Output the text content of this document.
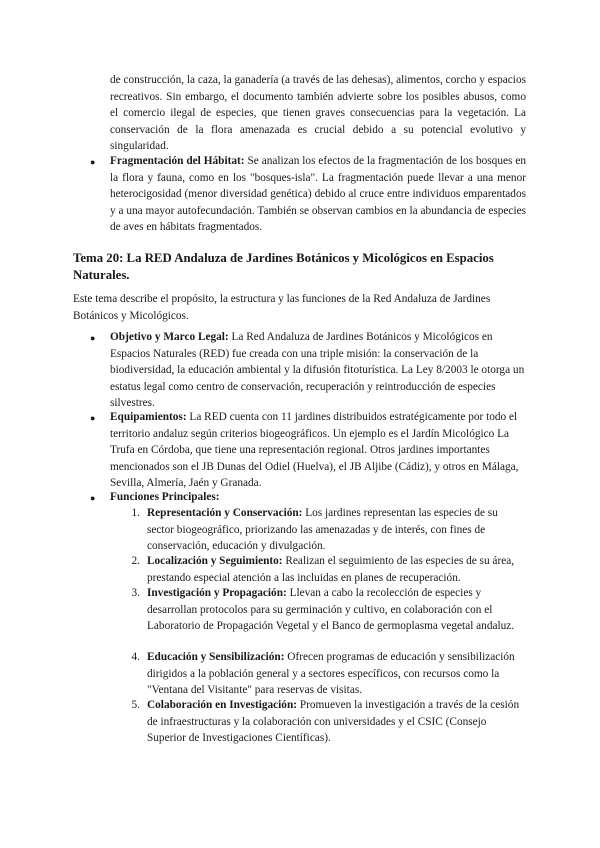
de construcción, la caza, la ganadería (a través de las dehesas), alimentos, corcho y espacios recreativos. Sin embargo, el documento también advierte sobre los posibles abusos, como el comercio ilegal de especies, que tienen graves consecuencias para la vegetación. La conservación de la flora amenazada es crucial debido a su potencial evolutivo y singularidad.

● Fragmentación del Hábitat: Se analizan los efectos de la fragmentación de los bosques en la flora y fauna, como en los "bosques-isla". La fragmentación puede llevar a una menor heterocigosidad (menor diversidad genética) debido al cruce entre individuos emparentados y a una mayor autofecundación. También se observan cambios en la abundancia de especies de aves en hábitats fragmentados.

Tema 20: La RED Andaluza de Jardines Botánicos y Micológicos en Espacios Naturales.

Este tema describe el propósito, la estructura y las funciones de la Red Andaluza de Jardines Botánicos y Micológicos.

● Objetivo y Marco Legal: La Red Andaluza de Jardines Botánicos y Micológicos en Espacios Naturales (RED) fue creada con una triple misión: la conservación de la biodiversidad, la educación ambiental y la difusión fitoturística. La Ley 8/2003 le otorga un estatus legal como centro de conservación, recuperación y reintroducción de especies silvestres.

● Equipamientos: La RED cuenta con 11 jardines distribuidos estratégicamente por todo el territorio andaluz según criterios biogeográficos. Un ejemplo es el Jardín Micológico La Trufa en Córdoba, que tiene una representación regional. Otros jardines importantes mencionados son el JB Dunas del Odiel (Huelva), el JB Aljibe (Cádiz), y otros en Málaga, Sevilla, Almería, Jaén y Granada.

● Funciones Principales:

1. Representación y Conservación: Los jardines representan las especies de su sector biogeográfico, priorizando las amenazadas y de interés, con fines de conservación, educación y divulgación.

2. Localización y Seguimiento: Realizan el seguimiento de las especies de su área, prestando especial atención a las incluidas en planes de recuperación.

3. Investigación y Propagación: Llevan a cabo la recolección de especies y desarrollan protocolos para su germinación y cultivo, en colaboración con el Laboratorio de Propagación Vegetal y el Banco de germoplasma vegetal andaluz.

4. Educación y Sensibilización: Ofrecen programas de educación y sensibilización dirigidos a la población general y a sectores específicos, con recursos como la "Ventana del Visitante" para reservas de visitas.

5. Colaboración en Investigación: Promueven la investigación a través de la cesión de infraestructuras y la colaboración con universidades y el CSIC (Consejo Superior de Investigaciones Científicas).
